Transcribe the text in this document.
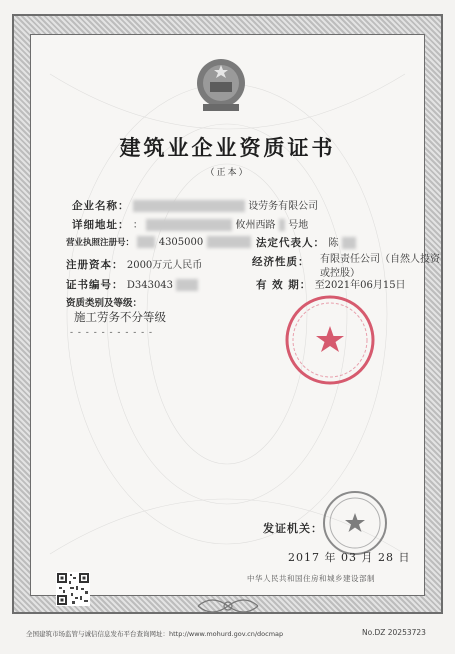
建筑业企业资质证书
（正本）
企业名称：	设劳务有限公司
详细地址： ：	攸州西路 号地
营业执照注册号： 4305000	法定代表人： 陈
注册资本： 2000万元人民币	经济性质： 有限责任公司（自然人投资
或控股）
证书编号： D343043	有 效 期： 至2021年06月15日
资质类别及等级：
施工劳务不分等级
- - - - - - - - - - -
发证机关：
2017 年 03 月 28 日
中华人民共和国住房和城乡建设部制
全国建筑市场监管与诚信信息发布平台查询网址：http://www.mohurd.gov.cn/docmap	No.DZ 20253723
